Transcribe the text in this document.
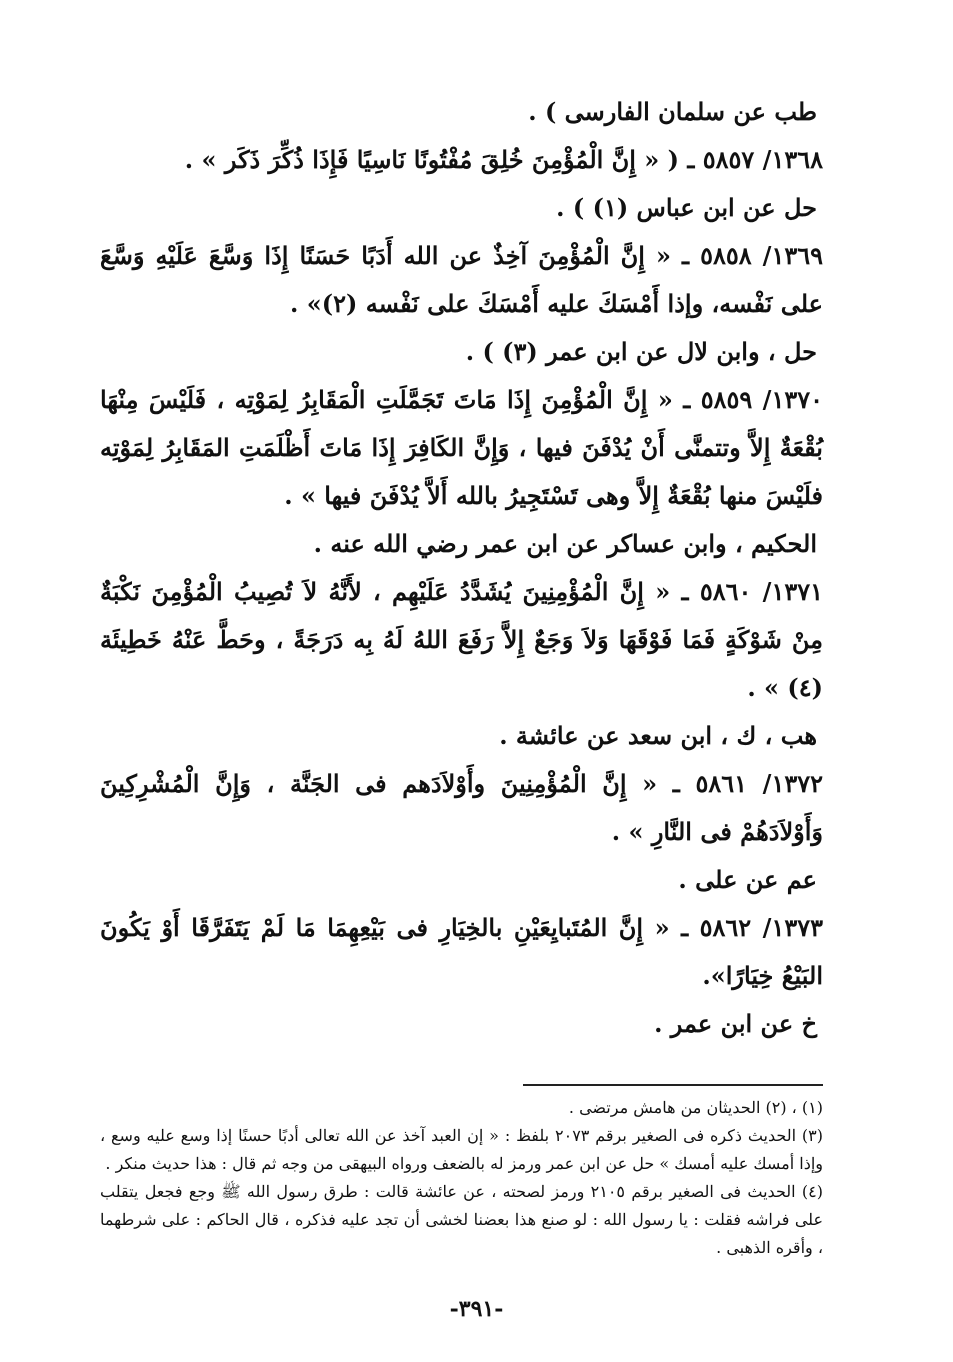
طب عن سلمان الفارسى ) .
١٣٦٨/ ٥٨٥٧ ـ ( « إِنَّ الْمُؤْمِنَ خُلِقَ مُفْتُونًا نَاسِيًا فَإِذَا ذُكِّرَ ذَكَر » .
حل عن ابن عباس (١) ) .
١٣٦٩/ ٥٨٥٨ ـ « إِنَّ الْمُؤْمِنَ آخِذٌ عن الله أَدَبًا حَسَنًا إِذَا وَسَّعَ عَلَيْهِ وَسَّعَ على نَفْسه، وإذا أَمْسَكَ عليه أَمْسَكَ على نَفْسه (٢)» .
حل ، وابن لال عن ابن عمر (٣) ) .
١٣٧٠/ ٥٨٥٩ ـ « إِنَّ الْمُؤْمِنَ إِذَا مَاتَ تَجَمَّلَتِ الْمَقَابِرُ لِمَوْتِه ، فَلَيْسَ مِنْهَا بُقْعَةٌ إِلاَّ وتتمنَّى أَنْ يُدْفَنَ فيها ، وَإِنَّ الكَافِرَ إِذَا مَاتَ أَظْلَمَتِ المَقَابِرُ لِمَوْتِه فلَيْسَ منها بُقْعَةٌ إِلاَّ وهى تَسْتَجِيرُ بالله أَلاَّ يُدْفَنَ فيها » .
الحكيم ، وابن عساكر عن ابن عمر رضي الله عنه .
١٣٧١/ ٥٨٦٠ ـ « إِنَّ الْمُؤْمِنِينَ يُشَدَّدُ عَلَيْهِم ، لأَنَّهُ لاَ تُصِيبُ الْمُؤْمِنَ نَكْبَةٌ مِنْ شَوْكَةٍ فَمَا فَوْقَهَا وَلاَ وَجَعٌ إِلاَّ رَفَعَ اللهُ لَهُ بِه دَرَجَةً ، وحَطَّ عَنْهُ خَطِيئَة (٤) » .
هب ، ك ، ابن سعد عن عائشة .
١٣٧٢/ ٥٨٦١ ـ « إِنَّ الْمُؤْمِنِينَ وأَوْلاَدَهم فى الجَنَّة ، وَإِنَّ الْمُشْرِكِينَ وَأَوْلاَدَهُمْ فى النَّارِ » .
عم عن على .
١٣٧٣/ ٥٨٦٢ ـ « إِنَّ المُتَبايِعَيْنِ بالخِيَارِ فى بَيْعِهِمَا مَا لَمْ يَتَفَرَّقَا أَوْ يَكُونَ البَيْعُ خِيَارًا».
خ عن ابن عمر .
(١) ، (٢) الحديثان من هامش مرتضى .
(٣) الحديث ذكره فى الصغير برقم ٢٠٧٣ بلفظ : « إن العبد آخذ عن الله تعالى أدبًا حسنًا إذا وسع عليه وسع ، وإذا أمسك عليه أمسك » حل عن ابن عمر ورمز له بالضعف ورواه البيهقى من وجه ثم قال : هذا حديث منكر .
(٤) الحديث فى الصغير برقم ٢١٠٥ ورمز لصحته ، عن عائشة قالت : طرق رسول الله ﷺ وجع فجعل يتقلب على فراشه فقلت : يا رسول الله : لو صنع هذا بعضنا لخشى أن تجد عليه فذكره ، قال الحاكم : على شرطهما ، وأقره الذهبى .
-٣٩١-
